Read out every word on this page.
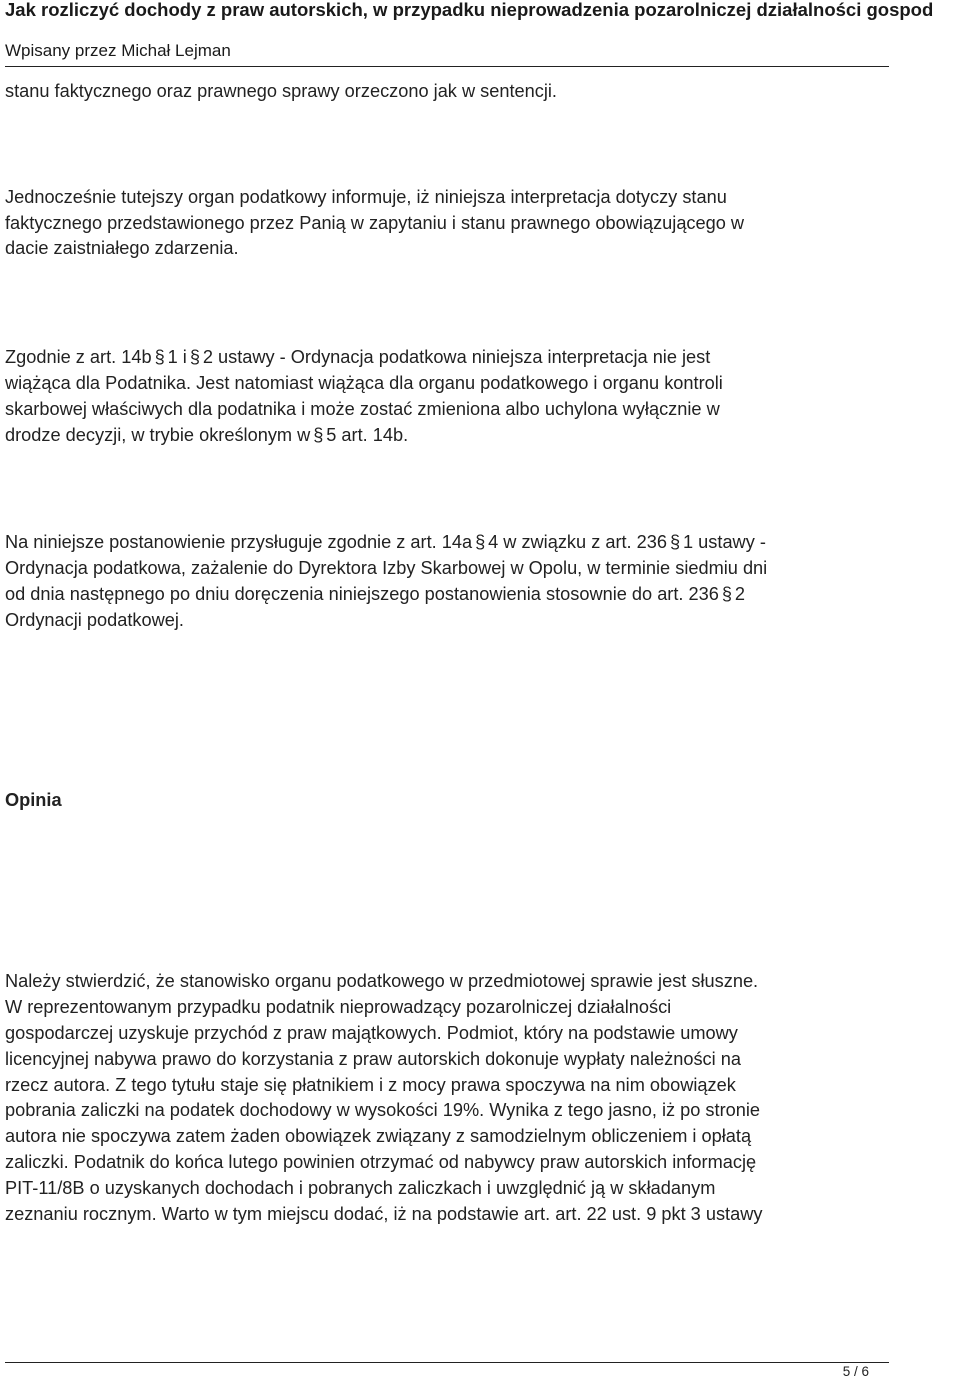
Jak rozliczyć dochody z praw autorskich, w przypadku nieprowadzenia pozarolniczej działalności gospod
Wpisany przez Michał Lejman

stanu faktycznego oraz prawnego sprawy orzeczono jak w sentencji.

Jednocześnie tutejszy organ podatkowy informuje, iż niniejsza interpretacja dotyczy stanu
faktycznego przedstawionego przez Panią w zapytaniu i stanu prawnego obowiązującego w
dacie zaistniałego zdarzenia.

Zgodnie z art. 14b § 1 i § 2 ustawy - Ordynacja podatkowa niniejsza interpretacja nie jest
wiążąca dla Podatnika. Jest natomiast wiążąca dla organu podatkowego i organu kontroli
skarbowej właściwych dla podatnika i może zostać zmieniona albo uchylona wyłącznie w
drodze decyzji, w trybie określonym w § 5 art. 14b.

Na niniejsze postanowienie przysługuje zgodnie z art. 14a § 4 w związku z art. 236 § 1 ustawy -
Ordynacja podatkowa, zażalenie do Dyrektora Izby Skarbowej w Opolu, w terminie siedmiu dni
od dnia następnego po dniu doręczenia niniejszego postanowienia stosownie do art. 236 § 2
Ordynacji podatkowej.

Opinia

Należy stwierdzić, że stanowisko organu podatkowego w przedmiotowej sprawie jest słuszne.
W reprezentowanym przypadku podatnik nieprowadzący pozarolniczej działalności
gospodarczej uzyskuje przychód z praw majątkowych. Podmiot, który na podstawie umowy
licencyjnej nabywa prawo do korzystania z praw autorskich dokonuje wypłaty należności na
rzecz autora. Z tego tytułu staje się płatnikiem i z mocy prawa spoczywa na nim obowiązek
pobrania zaliczki na podatek dochodowy w wysokości 19%. Wynika z tego jasno, iż po stronie
autora nie spoczywa zatem żaden obowiązek związany z samodzielnym obliczeniem i opłatą
zaliczki. Podatnik do końca lutego powinien otrzymać od nabywcy praw autorskich informację
PIT-11/8B o uzyskanych dochodach i pobranych zaliczkach i uwzględnić ją w składanym
zeznaniu rocznym. Warto w tym miejscu dodać, iż na podstawie art. art. 22 ust. 9 pkt 3 ustawy

5 / 6
